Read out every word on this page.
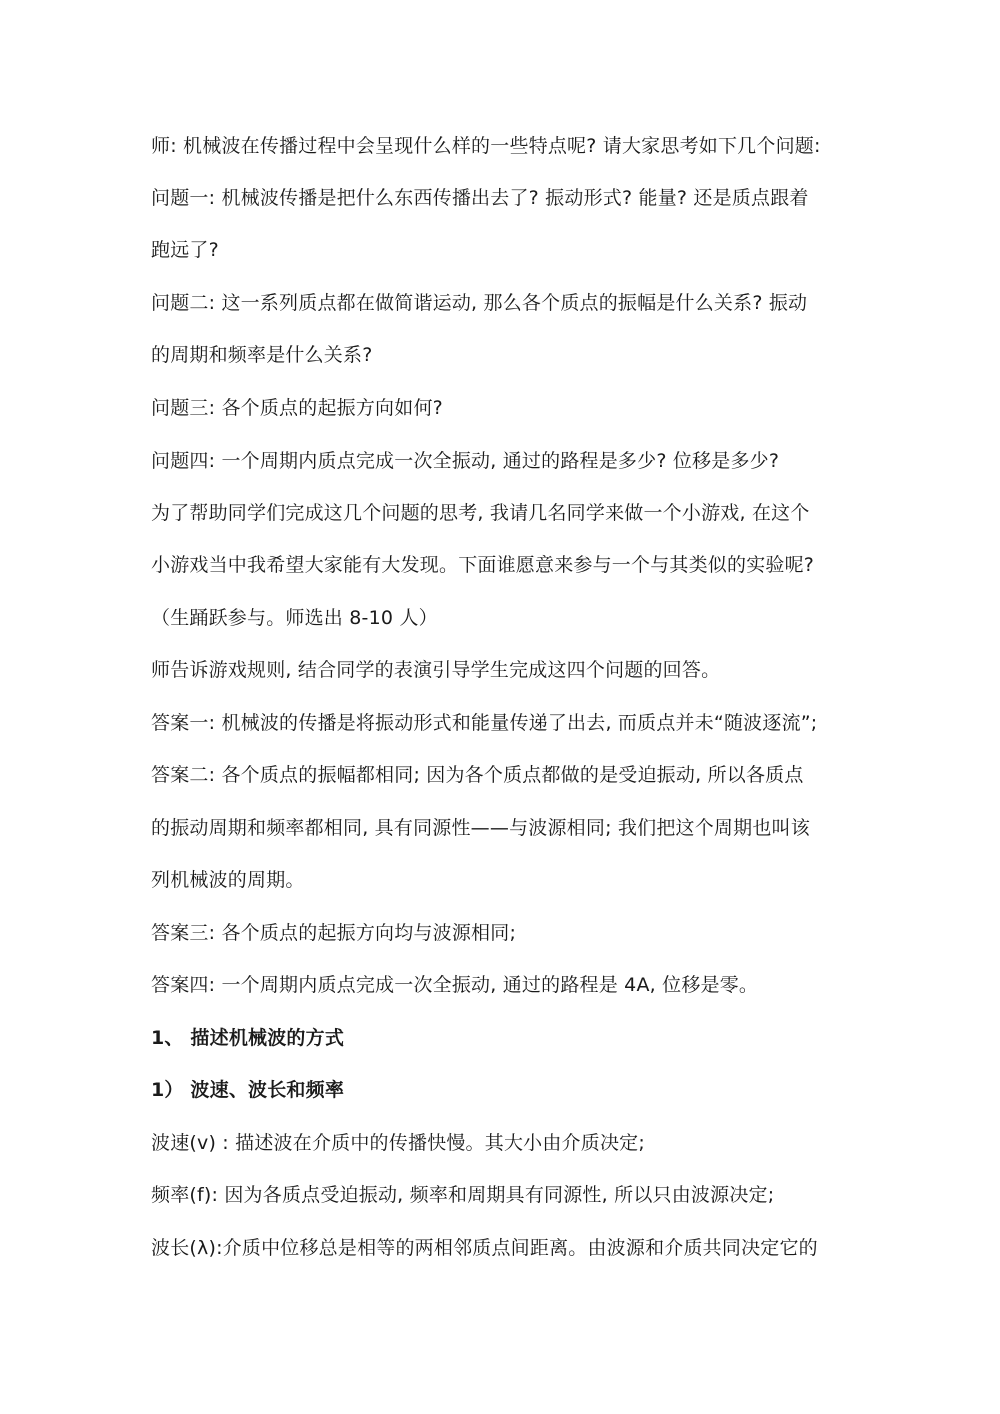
师: 机械波在传播过程中会呈现什么样的一些特点呢? 请大家思考如下几个问题:
问题一: 机械波传播是把什么东西传播出去了? 振动形式? 能量? 还是质点跟着
跑远了?
问题二: 这一系列质点都在做简谐运动, 那么各个质点的振幅是什么关系? 振动
的周期和频率是什么关系?
问题三: 各个质点的起振方向如何?
问题四: 一个周期内质点完成一次全振动, 通过的路程是多少? 位移是多少?
为了帮助同学们完成这几个问题的思考, 我请几名同学来做一个小游戏, 在这个
小游戏当中我希望大家能有大发现。下面谁愿意来参与一个与其类似的实验呢?
（生踊跃参与。师选出 8-10 人）
师告诉游戏规则, 结合同学的表演引导学生完成这四个问题的回答。
答案一: 机械波的传播是将振动形式和能量传递了出去, 而质点并未“随波逐流”;
答案二: 各个质点的振幅都相同; 因为各个质点都做的是受迫振动, 所以各质点
的振动周期和频率都相同, 具有同源性——与波源相同; 我们把这个周期也叫该
列机械波的周期。
答案三: 各个质点的起振方向均与波源相同;
答案四: 一个周期内质点完成一次全振动, 通过的路程是 4A, 位移是零。
1、 描述机械波的方式
1） 波速、波长和频率
波速(v) : 描述波在介质中的传播快慢。其大小由介质决定;
频率(f): 因为各质点受迫振动, 频率和周期具有同源性, 所以只由波源决定;
波长(λ):介质中位移总是相等的两相邻质点间距离。由波源和介质共同决定它的
